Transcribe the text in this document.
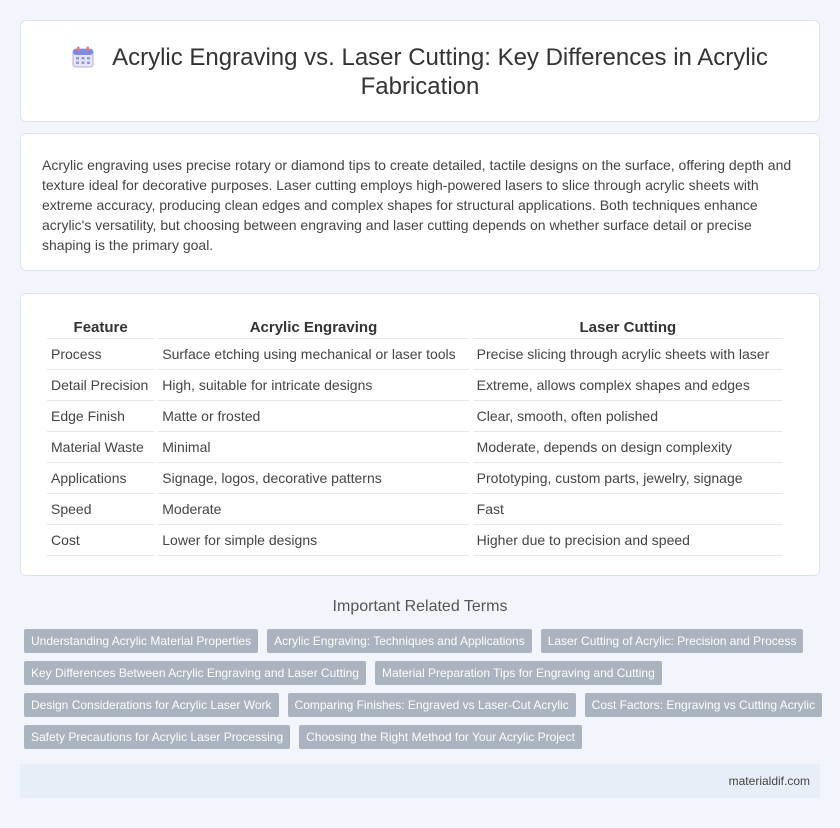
Acrylic Engraving vs. Laser Cutting: Key Differences in Acrylic Fabrication

Acrylic engraving uses precise rotary or diamond tips to create detailed, tactile designs on the surface, offering depth and texture ideal for decorative purposes. Laser cutting employs high-powered lasers to slice through acrylic sheets with extreme accuracy, producing clean edges and complex shapes for structural applications. Both techniques enhance acrylic's versatility, but choosing between engraving and laser cutting depends on whether surface detail or precise shaping is the primary goal.

Feature	Acrylic Engraving	Laser Cutting
Process	Surface etching using mechanical or laser tools	Precise slicing through acrylic sheets with laser
Detail Precision	High, suitable for intricate designs	Extreme, allows complex shapes and edges
Edge Finish	Matte or frosted	Clear, smooth, often polished
Material Waste	Minimal	Moderate, depends on design complexity
Applications	Signage, logos, decorative patterns	Prototyping, custom parts, jewelry, signage
Speed	Moderate	Fast
Cost	Lower for simple designs	Higher due to precision and speed
Important Related Terms
Understanding Acrylic Material Properties	Acrylic Engraving: Techniques and Applications	Laser Cutting of Acrylic: Precision and Process
Key Differences Between Acrylic Engraving and Laser Cutting	Material Preparation Tips for Engraving and Cutting
Design Considerations for Acrylic Laser Work	Comparing Finishes: Engraved vs Laser-Cut Acrylic	Cost Factors: Engraving vs Cutting Acrylic
Safety Precautions for Acrylic Laser Processing	Choosing the Right Method for Your Acrylic Project
materialdif.com
